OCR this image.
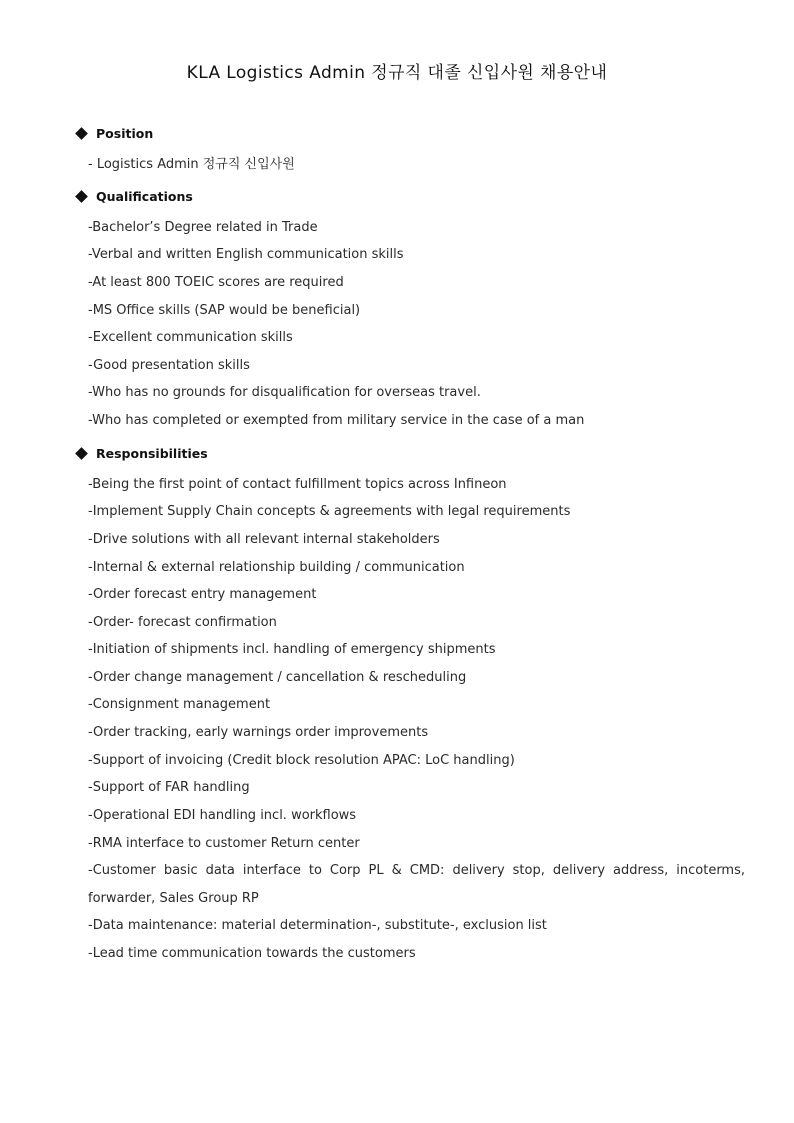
KLA Logistics Admin 정규직 대졸 신입사원 채용안내
Position
- Logistics Admin 정규직 신입사원
Qualifications
-Bachelor’s Degree related in Trade
-Verbal and written English communication skills
-At least 800 TOEIC scores are required
-MS Office skills (SAP would be beneficial)
-Excellent communication skills
-Good presentation skills
-Who has no grounds for disqualification for overseas travel.
-Who has completed or exempted from military service in the case of a man
Responsibilities
-Being the first point of contact fulfillment topics across Infineon
-Implement Supply Chain concepts & agreements with legal requirements
-Drive solutions with all relevant internal stakeholders
-Internal & external relationship building / communication
-Order forecast entry management
-Order- forecast confirmation
-Initiation of shipments incl. handling of emergency shipments
-Order change management / cancellation & rescheduling
-Consignment management
-Order tracking, early warnings order improvements
-Support of invoicing (Credit block resolution APAC: LoC handling)
-Support of FAR handling
-Operational EDI handling incl. workflows
-RMA interface to customer Return center
-Customer basic data interface to Corp PL & CMD: delivery stop, delivery address, incoterms, forwarder, Sales Group RP
-Data maintenance: material determination-, substitute-, exclusion list
-Lead time communication towards the customers
